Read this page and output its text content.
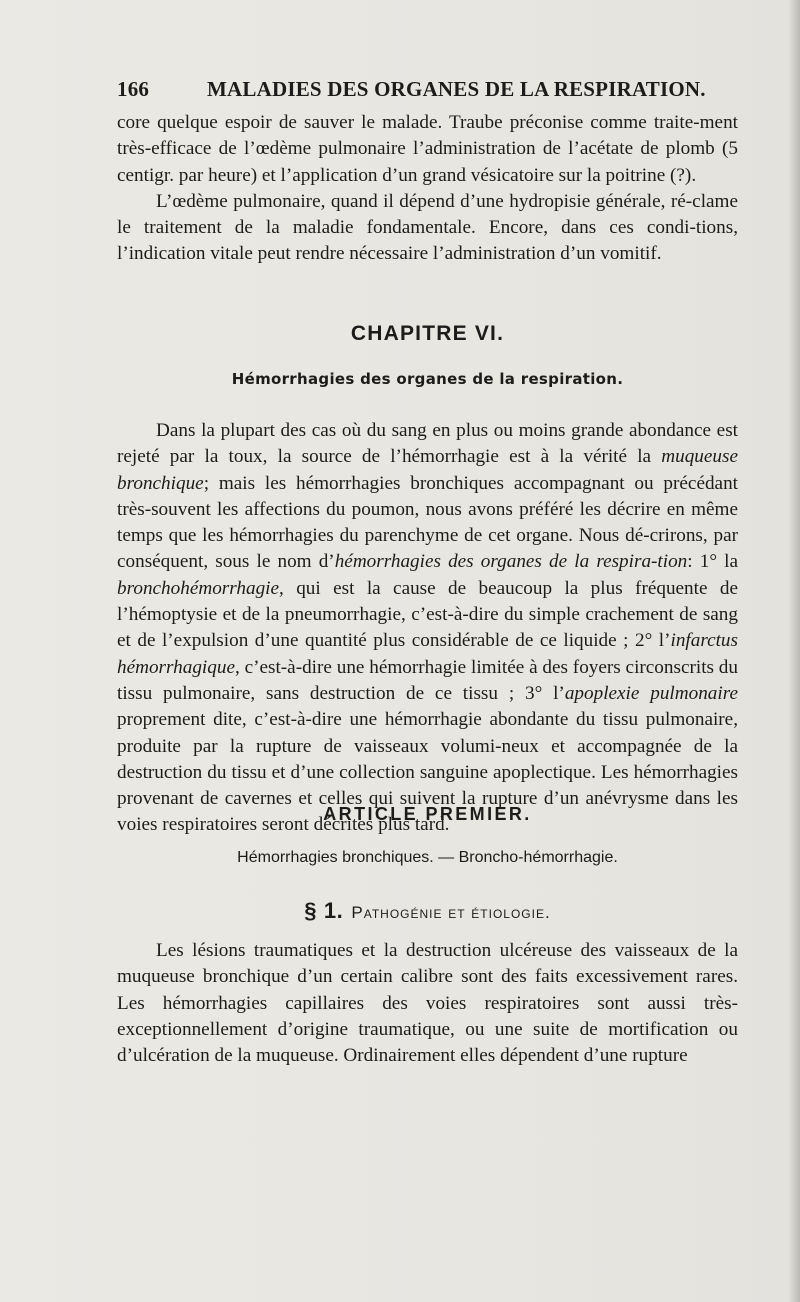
166	MALADIES DES ORGANES DE LA RESPIRATION.

core quelque espoir de sauver le malade. Traube préconise comme traite-ment très-efficace de l’œdème pulmonaire l’administration de l’acétate de plomb (5 centigr. par heure) et l’application d’un grand vésicatoire sur la poitrine (?).

L’œdème pulmonaire, quand il dépend d’une hydropisie générale, ré-clame le traitement de la maladie fondamentale. Encore, dans ces condi-tions, l’indication vitale peut rendre nécessaire l’administration d’un vomitif.

CHAPITRE VI.
Hémorrhagies des organes de la respiration.

Dans la plupart des cas où du sang en plus ou moins grande abondance est rejeté par la toux, la source de l’hémorrhagie est à la vérité la muqueuse bronchique; mais les hémorrhagies bronchiques accompagnant ou précédant très-souvent les affections du poumon, nous avons préféré les décrire en même temps que les hémorrhagies du parenchyme de cet organe. Nous dé-crirons, par conséquent, sous le nom d’hémorrhagies des organes de la respira-tion: 1° la bronchohémorrhagie, qui est la cause de beaucoup la plus fréquente de l’hémoptysie et de la pneumorrhagie, c’est-à-dire du simple crachement de sang et de l’expulsion d’une quantité plus considérable de ce liquide ; 2° l’infarctus hémorrhagique, c’est-à-dire une hémorrhagie limitée à des foyers circonscrits du tissu pulmonaire, sans destruction de ce tissu ; 3° l’apoplexie pulmonaire proprement dite, c’est-à-dire une hémorrhagie abondante du tissu pulmonaire, produite par la rupture de vaisseaux volumi-neux et accompagnée de la destruction du tissu et d’une collection sanguine apoplectique. Les hémorrhagies provenant de cavernes et celles qui suivent la rupture d’un anévrysme dans les voies respiratoires seront décrites plus tard.

ARTICLE PREMIER.
Hémorrhagies bronchiques. — Broncho-hémorrhagie.
§ 1. Pathogénie et étiologie.

Les lésions traumatiques et la destruction ulcéreuse des vaisseaux de la muqueuse bronchique d’un certain calibre sont des faits excessivement rares. Les hémorrhagies capillaires des voies respiratoires sont aussi très-exceptionnellement d’origine traumatique, ou une suite de mortification ou d’ulcération de la muqueuse. Ordinairement elles dépendent d’une rupture
